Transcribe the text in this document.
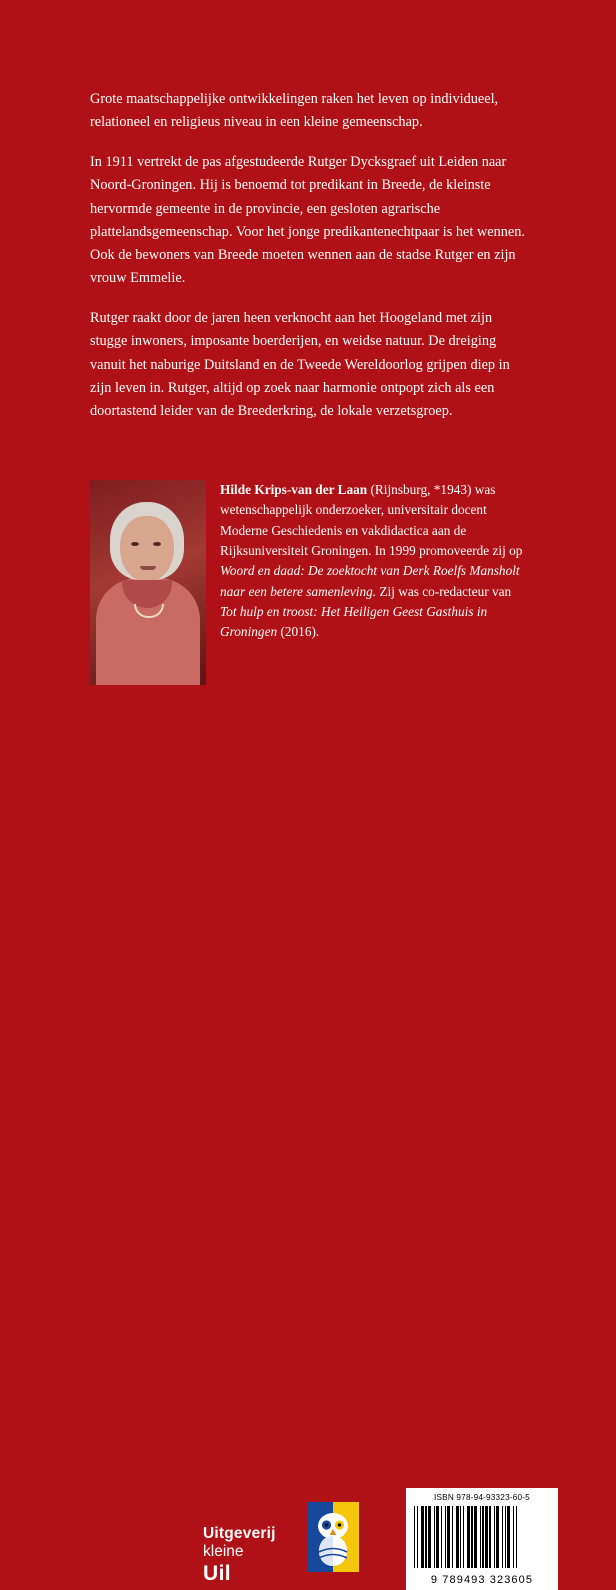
Grote maatschappelijke ontwikkelingen raken het leven op individueel, relationeel en religieus niveau in een kleine gemeenschap.

In 1911 vertrekt de pas afgestudeerde Rutger Dycksgraef uit Leiden naar Noord-Groningen. Hij is benoemd tot predikant in Breede, de kleinste hervormde gemeente in de provincie, een gesloten agrarische plattelandsgemeenschap. Voor het jonge predikantenechtpaar is het wennen. Ook de bewoners van Breede moeten wennen aan de stadse Rutger en zijn vrouw Emmelie.

Rutger raakt door de jaren heen verknocht aan het Hoogeland met zijn stugge inwoners, imposante boerderijen, en weidse natuur. De dreiging vanuit het naburige Duitsland en de Tweede Wereldoorlog grijpen diep in zijn leven in. Rutger, altijd op zoek naar harmonie ontpopt zich als een doortastend leider van de Breederkring, de lokale verzetsgroep.

Hilde Krips-van der Laan (Rijnsburg, *1943) was wetenschappelijk onderzoeker, universitair docent Moderne Geschiedenis en vakdidactica aan de Rijksuniversiteit Groningen. In 1999 promoveerde zij op Woord en daad: De zoektocht van Derk Roelfs Mansholt naar een betere samenleving. Zij was co-redacteur van Tot hulp en troost: Het Heiligen Geest Gasthuis in Groningen (2016).
Uitgeverij
kleine
Uil
ISBN 978-94-93323-60-5
9 789493 323605
